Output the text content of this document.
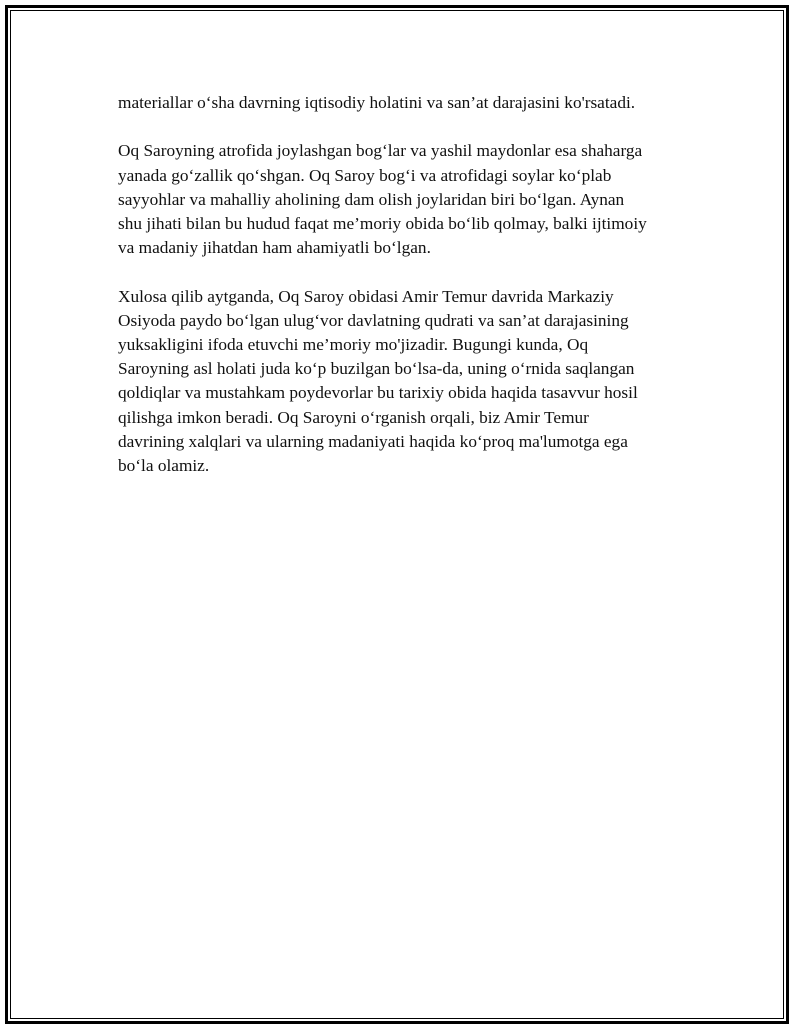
materiallar o‘sha davrning iqtisodiy holatini va san’at darajasini ko'rsatadi.

Oq Saroyning atrofida joylashgan bog‘lar va yashil maydonlar esa shaharga
yanada go‘zallik qo‘shgan. Oq Saroy bog‘i va atrofidagi soylar ko‘plab
sayyohlar va mahalliy aholining dam olish joylaridan biri bo‘lgan. Aynan
shu jihati bilan bu hudud faqat me’moriy obida bo‘lib qolmay, balki ijtimoiy
va madaniy jihatdan ham ahamiyatli bo‘lgan.

Xulosa qilib aytganda, Oq Saroy obidasi Amir Temur davrida Markaziy
Osiyoda paydo bo‘lgan ulug‘vor davlatning qudrati va san’at darajasining
yuksakligini ifoda etuvchi me’moriy mo'jizadir. Bugungi kunda, Oq
Saroyning asl holati juda ko‘p buzilgan bo‘lsa-da, uning o‘rnida saqlangan
qoldiqlar va mustahkam poydevorlar bu tarixiy obida haqida tasavvur hosil
qilishga imkon beradi. Oq Saroyni o‘rganish orqali, biz Amir Temur
davrining xalqlari va ularning madaniyati haqida ko‘proq ma'lumotga ega
bo‘la olamiz.
